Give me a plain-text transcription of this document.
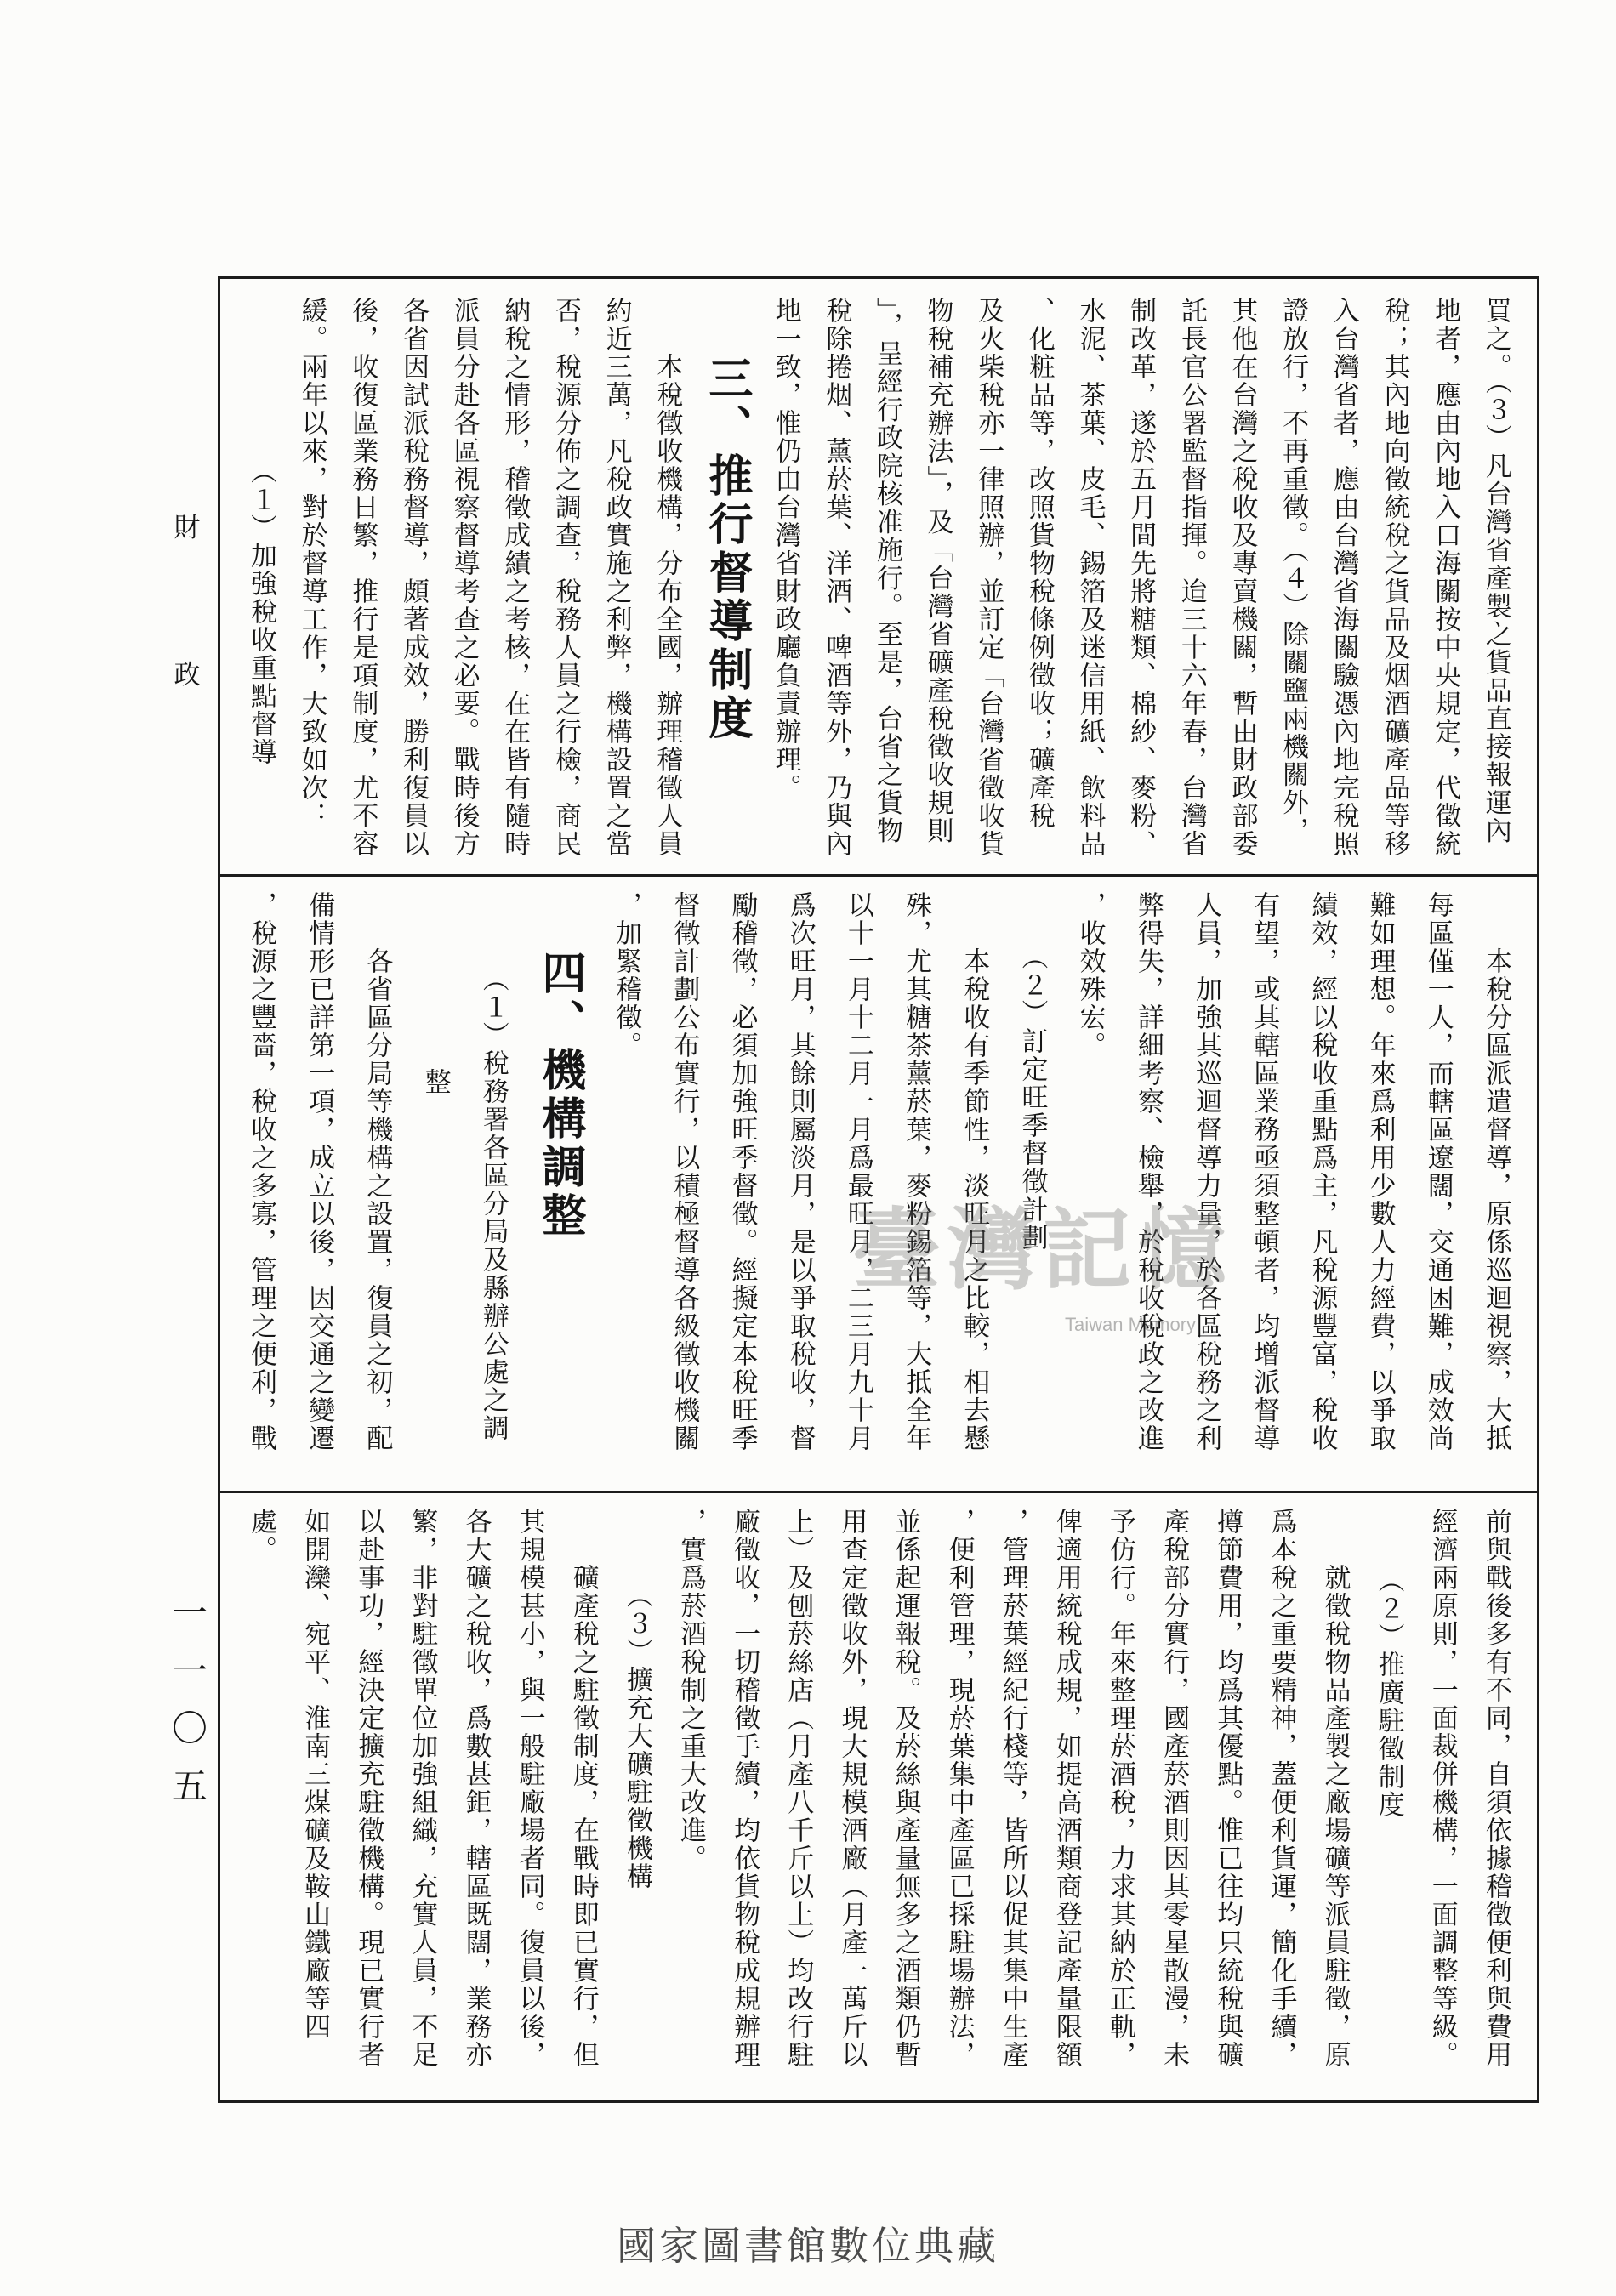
財
政
一一〇五
買之。（３）凡台灣省產製之貨品直接報運內
地者，應由內地入口海關按中央規定，代徵統
稅；其內地向徵統稅之貨品及烟酒礦產品等移
入台灣省者，應由台灣省海關驗憑內地完稅照
證放行，不再重徵。（４）除關鹽兩機關外，
其他在台灣之稅收及專賣機關，暫由財政部委
託長官公署監督指揮。迨三十六年春，台灣省
制改革，遂於五月間先將糖類、棉紗、麥粉、
水泥、茶葉、皮毛、錫箔及迷信用紙、飲料品
、化粧品等，改照貨物稅條例徵收；礦產稅
及火柴稅亦一律照辦，並訂定「台灣省徵收貨
物稅補充辦法」，及「台灣省礦產稅徵收規則
」，呈經行政院核准施行。至是，台省之貨物
稅除捲烟、薰菸葉、洋酒、啤酒等外，乃與內
地一致，惟仍由台灣省財政廳負責辦理。
三、推行督導制度
本稅徵收機構，分布全國，辦理稽徵人員
約近三萬，凡稅政實施之利弊，機構設置之當
否，稅源分佈之調查，稅務人員之行檢，商民
納稅之情形，稽徵成績之考核，在在皆有隨時
派員分赴各區視察督導考查之必要。戰時後方
各省因試派稅務督導，頗著成效，勝利復員以
後，收復區業務日繁，推行是項制度，尤不容
緩。兩年以來，對於督導工作，大致如次：
（１）加強稅收重點督導
本稅分區派遣督導，原係巡迴視察，大抵
每區僅一人，而轄區遼闊，交通困難，成效尚
難如理想。年來爲利用少數人力經費，以爭取
績效，經以稅收重點爲主，凡稅源豐富，稅收
有望，或其轄區業務亟須整頓者，均增派督導
人員，加強其巡迴督導力量，於各區稅務之利
弊得失，詳細考察、檢舉，於稅收稅政之改進
，收效殊宏。
（２）訂定旺季督徵計劃
本稅收有季節性，淡旺月之比較，相去懸
殊，尤其糖茶薰菸葉，麥粉錫箔等，大抵全年
以十一月十二月一月爲最旺月，二三月九十月
爲次旺月，其餘則屬淡月，是以爭取稅收，督
勵稽徵，必須加強旺季督徵。經擬定本稅旺季
督徵計劃公布實行，以積極督導各級徵收機關
，加緊稽徵。
四、機構調整
（１）稅務署各區分局及縣辦公處之調
整
各省區分局等機構之設置，復員之初，配
備情形已詳第一項，成立以後，因交通之變遷
，稅源之豐嗇，稅收之多寡，管理之便利，戰
前與戰後多有不同，自須依據稽徵便利與費用
經濟兩原則，一面裁併機構，一面調整等級。
（２）推廣駐徵制度
就徵稅物品產製之廠場礦等派員駐徵，原
爲本稅之重要精神，蓋便利貨運，簡化手續，
撙節費用，均爲其優點。惟已往均只統稅與礦
產稅部分實行，國產菸酒則因其零星散漫，未
予仿行。年來整理菸酒稅，力求其納於正軌，
俾適用統稅成規，如提高酒類商登記產量限額
，管理菸葉經紀行棧等，皆所以促其集中生產
，便利管理，現菸葉集中產區已採駐場辦法，
並係起運報稅。及菸絲與產量無多之酒類仍暫
用查定徵收外，現大規模酒廠（月產一萬斤以
上）及刨菸絲店（月產八千斤以上）均改行駐
廠徵收，一切稽徵手續，均依貨物稅成規辦理
，實爲菸酒稅制之重大改進。
（３）擴充大礦駐徵機構
礦產稅之駐徵制度，在戰時即已實行，但
其規模甚小，與一般駐廠場者同。復員以後，
各大礦之稅收，爲數甚鉅，轄區既闊，業務亦
繁，非對駐徵單位加強組織，充實人員，不足
以赴事功，經決定擴充駐徵機構。現已實行者
如開灤、宛平、淮南三煤礦及鞍山鐵廠等四
處。
臺灣記憶
Taiwan Memory
國家圖書館數位典藏
